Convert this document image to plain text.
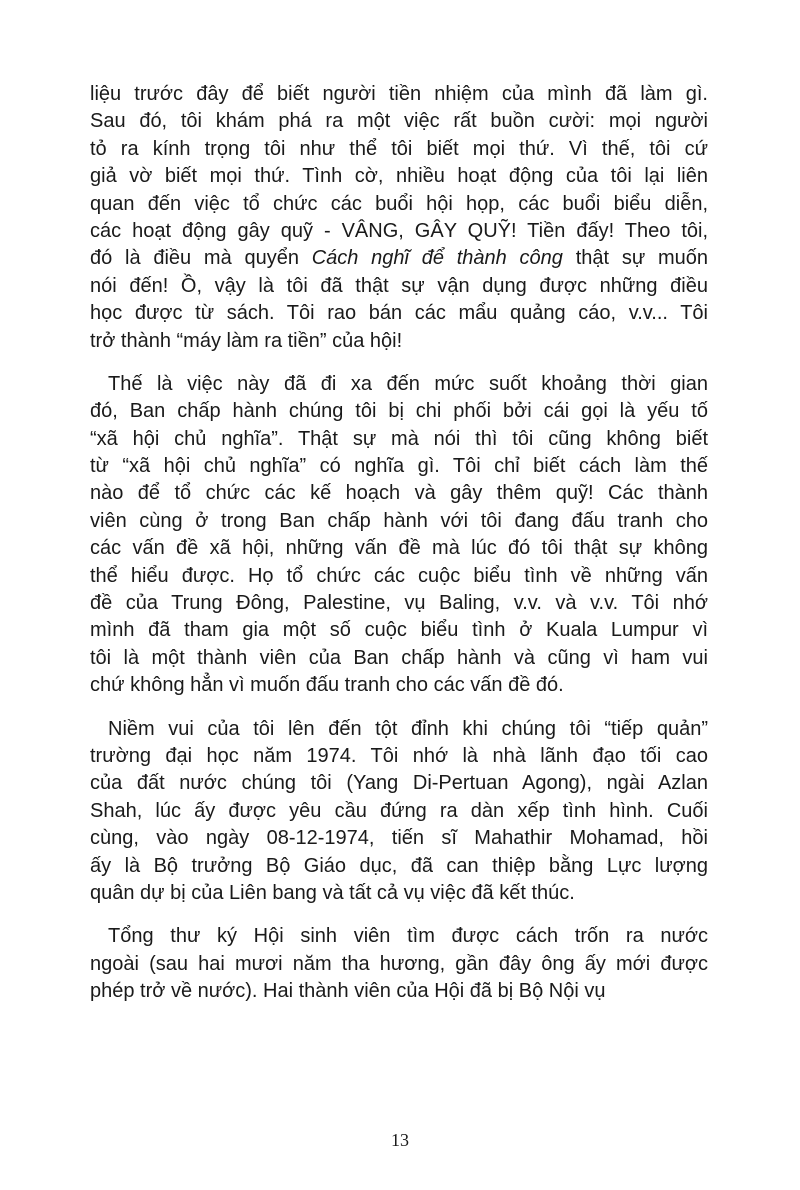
liệu trước đây để biết người tiền nhiệm của mình đã làm gì.
Sau đó, tôi khám phá ra một việc rất buồn cười: mọi người
tỏ ra kính trọng tôi như thể tôi biết mọi thứ. Vì thế, tôi cứ
giả vờ biết mọi thứ. Tình cờ, nhiều hoạt động của tôi lại liên
quan đến việc tổ chức các buổi hội họp, các buổi biểu diễn,
các hoạt động gây quỹ - VÂNG, GÂY QUỸ! Tiền đấy! Theo tôi,
đó là điều mà quyển Cách nghĩ để thành công thật sự muốn
nói đến! Ồ, vậy là tôi đã thật sự vận dụng được những điều
học được từ sách. Tôi rao bán các mẩu quảng cáo, v.v... Tôi
trở thành “máy làm ra tiền” của hội!
Thế là việc này đã đi xa đến mức suốt khoảng thời gian
đó, Ban chấp hành chúng tôi bị chi phối bởi cái gọi là yếu tố
“xã hội chủ nghĩa”. Thật sự mà nói thì tôi cũng không biết
từ “xã hội chủ nghĩa” có nghĩa gì. Tôi chỉ biết cách làm thế
nào để tổ chức các kế hoạch và gây thêm quỹ! Các thành
viên cùng ở trong Ban chấp hành với tôi đang đấu tranh cho
các vấn đề xã hội, những vấn đề mà lúc đó tôi thật sự không
thể hiểu được. Họ tổ chức các cuộc biểu tình về những vấn
đề của Trung Đông, Palestine, vụ Baling, v.v. và v.v. Tôi nhớ
mình đã tham gia một số cuộc biểu tình ở Kuala Lumpur vì
tôi là một thành viên của Ban chấp hành và cũng vì ham vui
chứ không hẳn vì muốn đấu tranh cho các vấn đề đó.
Niềm vui của tôi lên đến tột đỉnh khi chúng tôi “tiếp quản”
trường đại học năm 1974. Tôi nhớ là nhà lãnh đạo tối cao
của đất nước chúng tôi (Yang Di-Pertuan Agong), ngài Azlan
Shah, lúc ấy được yêu cầu đứng ra dàn xếp tình hình. Cuối
cùng, vào ngày 08-12-1974, tiến sĩ Mahathir Mohamad, hồi
ấy là Bộ trưởng Bộ Giáo dục, đã can thiệp bằng Lực lượng
quân dự bị của Liên bang và tất cả vụ việc đã kết thúc.
Tổng thư ký Hội sinh viên tìm được cách trốn ra nước
ngoài (sau hai mươi năm tha hương, gần đây ông ấy mới được
phép trở về nước). Hai thành viên của Hội đã bị Bộ Nội vụ
13
